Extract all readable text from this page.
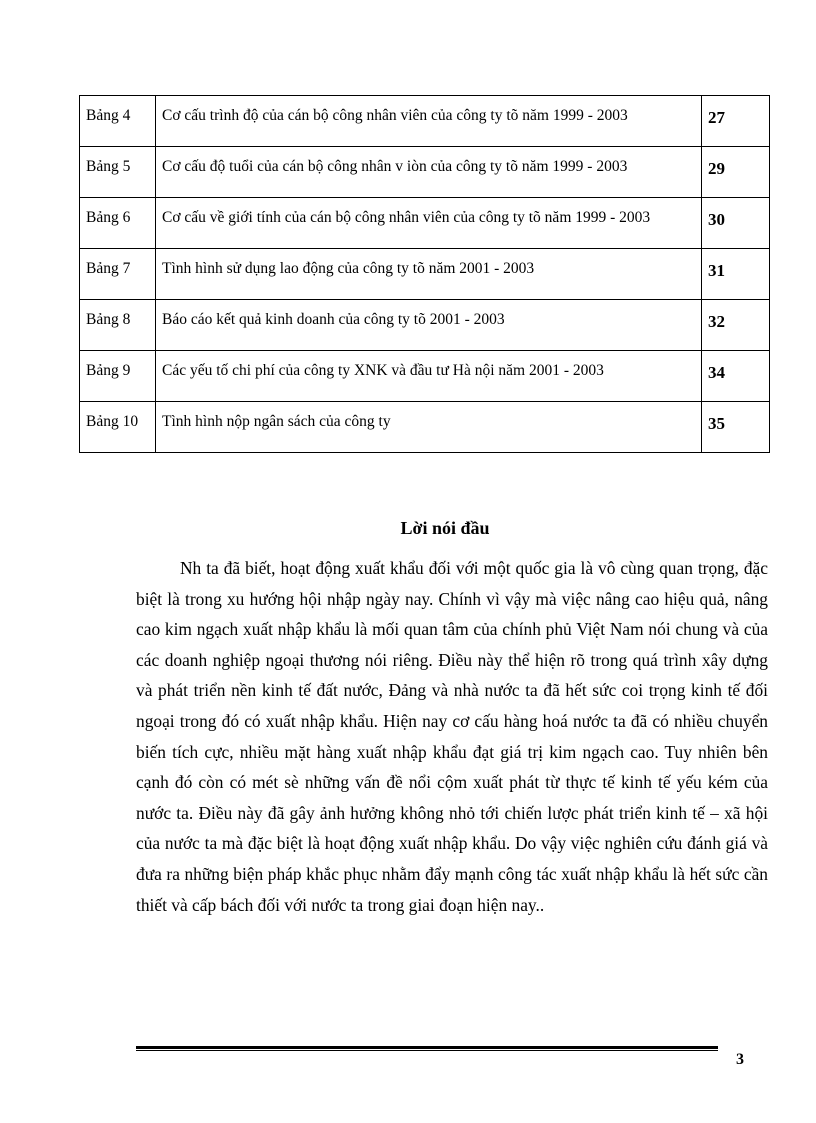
Bảng 4	Cơ cấu trình độ của cán bộ công nhân viên của công ty tõ năm 1999 - 2003	27
Bảng 5	Cơ cấu độ tuổi của cán bộ công nhân v iòn của công ty tõ năm 1999 - 2003	29
Bảng 6	Cơ cấu về giới tính của cán bộ công nhân viên của công ty tõ năm 1999 - 2003	30
Bảng 7	Tình hình sử dụng lao động của công ty tõ năm 2001 - 2003	31
Bảng 8	Báo cáo kết quả kinh doanh của công ty tõ 2001 - 2003	32
Bảng 9	Các yếu tố chi phí của công ty XNK và đầu tư Hà nội năm 2001 - 2003	34
Bảng 10	Tình hình nộp ngân sách của công ty	35
Lời nói đầu

Nh ta đã biết, hoạt động xuất khẩu đối với một quốc gia là vô cùng quan trọng, đặc biệt là trong xu hướng hội nhập ngày nay. Chính vì vậy mà việc nâng cao hiệu quả, nâng cao kim ngạch xuất nhập khẩu là mối quan tâm của chính phủ Việt Nam nói chung và của các doanh nghiệp ngoại thương nói riêng. Điều này thể hiện rõ trong quá trình xây dựng và phát triển nền kinh tế đất nước, Đảng và nhà nước ta đã hết sức coi trọng kinh tế đối ngoại trong đó có xuất nhập khẩu. Hiện nay cơ cấu hàng hoá nước ta đã có nhiều chuyển biến tích cực, nhiều mặt hàng xuất nhập khẩu đạt giá trị kim ngạch cao. Tuy nhiên bên cạnh đó còn có mét sè những vấn đề nổi cộm xuất phát từ thực tế kinh tế yếu kém của nước ta. Điều này đã gây ảnh hưởng không nhỏ tới chiến lược phát triển kinh tế – xã hội của nước ta mà đặc biệt là hoạt động xuất nhập khẩu. Do vậy việc nghiên cứu đánh giá và đưa ra những biện pháp khắc phục nhằm đẩy mạnh công tác xuất nhập khẩu là hết sức cần thiết và cấp bách đối với nước ta trong giai đoạn hiện nay..

3
